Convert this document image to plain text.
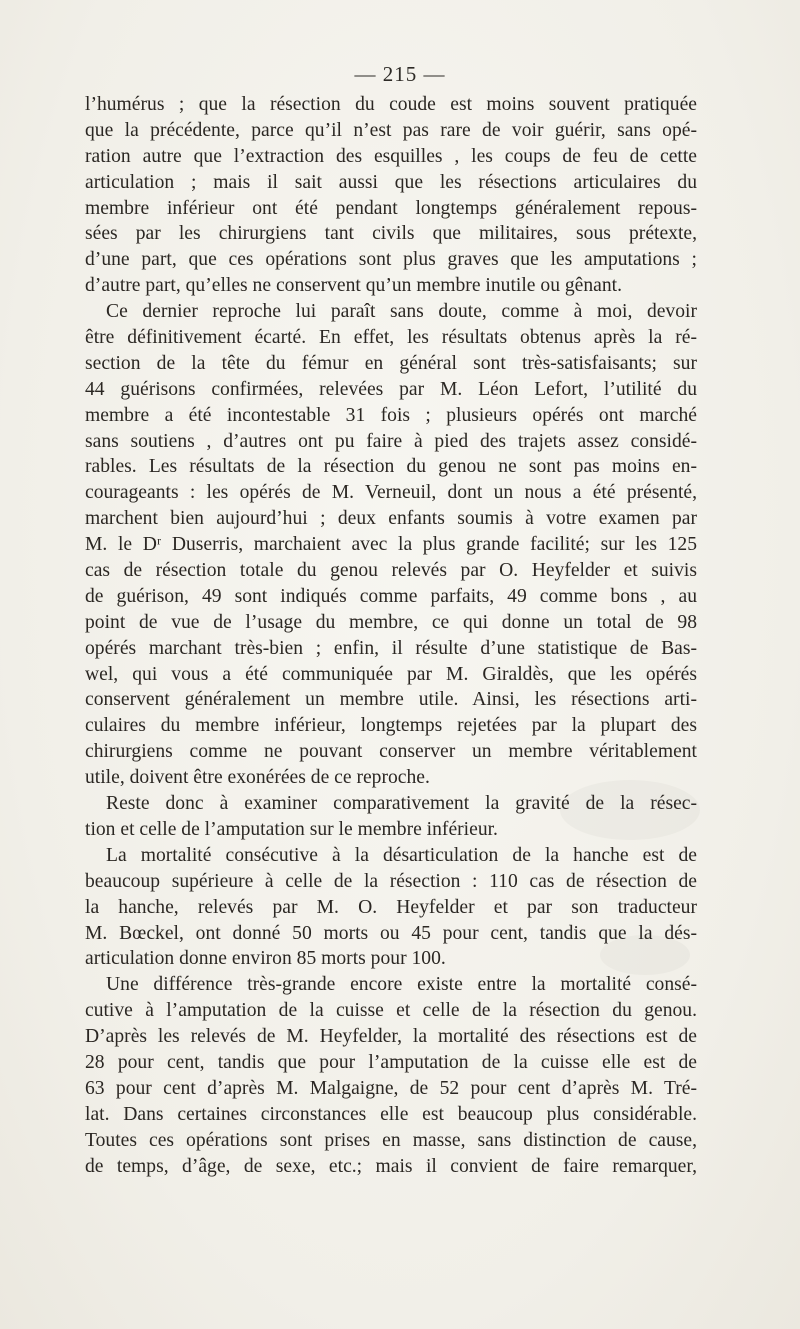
— 215 —
l’humérus ; que la résection du coude est moins souvent pratiquée
que la précédente, parce qu’il n’est pas rare de voir guérir, sans opé-
ration autre que l’extraction des esquilles , les coups de feu de cette
articulation ; mais il sait aussi que les résections articulaires du
membre inférieur ont été pendant longtemps généralement repous-
sées par les chirurgiens tant civils que militaires, sous prétexte,
d’une part, que ces opérations sont plus graves que les amputations ;
d’autre part, qu’elles ne conservent qu’un membre inutile ou gênant.
Ce dernier reproche lui paraît sans doute, comme à moi, devoir
être définitivement écarté. En effet, les résultats obtenus après la ré-
section de la tête du fémur en général sont très-satisfaisants; sur
44 guérisons confirmées, relevées par M. Léon Lefort, l’utilité du
membre a été incontestable 31 fois ; plusieurs opérés ont marché
sans soutiens , d’autres ont pu faire à pied des trajets assez considé-
rables. Les résultats de la résection du genou ne sont pas moins en-
courageants : les opérés de M. Verneuil, dont un nous a été présenté,
marchent bien aujourd’hui ; deux enfants soumis à votre examen par
M. le Dʳ Duserris, marchaient avec la plus grande facilité; sur les 125
cas de résection totale du genou relevés par O. Heyfelder et suivis
de guérison, 49 sont indiqués comme parfaits, 49 comme bons , au
point de vue de l’usage du membre, ce qui donne un total de 98
opérés marchant très-bien ; enfin, il résulte d’une statistique de Bas-
wel, qui vous a été communiquée par M. Giraldès, que les opérés
conservent généralement un membre utile. Ainsi, les résections arti-
culaires du membre inférieur, longtemps rejetées par la plupart des
chirurgiens comme ne pouvant conserver un membre véritablement
utile, doivent être exonérées de ce reproche.
Reste donc à examiner comparativement la gravité de la résec-
tion et celle de l’amputation sur le membre inférieur.
La mortalité consécutive à la désarticulation de la hanche est de
beaucoup supérieure à celle de la résection : 110 cas de résection de
la hanche, relevés par M. O. Heyfelder et par son traducteur
M. Bœckel, ont donné 50 morts ou 45 pour cent, tandis que la dés-
articulation donne environ 85 morts pour 100.
Une différence très-grande encore existe entre la mortalité consé-
cutive à l’amputation de la cuisse et celle de la résection du genou.
D’après les relevés de M. Heyfelder, la mortalité des résections est de
28 pour cent, tandis que pour l’amputation de la cuisse elle est de
63 pour cent d’après M. Malgaigne, de 52 pour cent d’après M. Tré-
lat. Dans certaines circonstances elle est beaucoup plus considérable.
Toutes ces opérations sont prises en masse, sans distinction de cause,
de temps, d’âge, de sexe, etc.; mais il convient de faire remarquer,
